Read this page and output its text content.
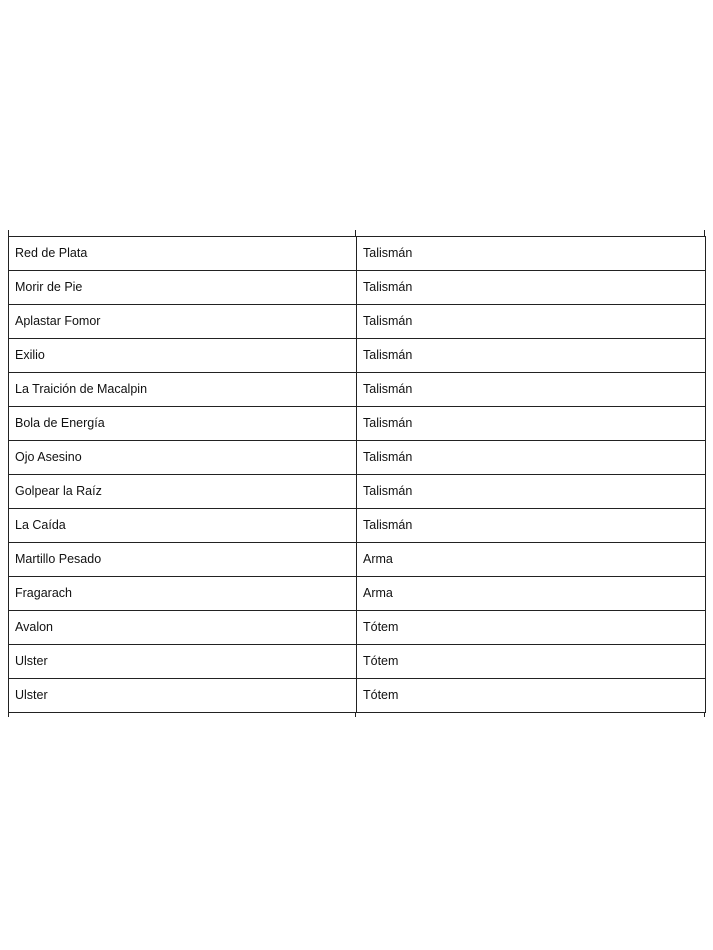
Red de Plata	Talismán
Morir de Pie	Talismán
Aplastar Fomor	Talismán
Exilio	Talismán
La Traición de Macalpin	Talismán
Bola de Energía	Talismán
Ojo Asesino	Talismán
Golpear la Raíz	Talismán
La Caída	Talismán
Martillo Pesado	Arma
Fragarach	Arma
Avalon	Tótem
Ulster	Tótem
Ulster	Tótem
